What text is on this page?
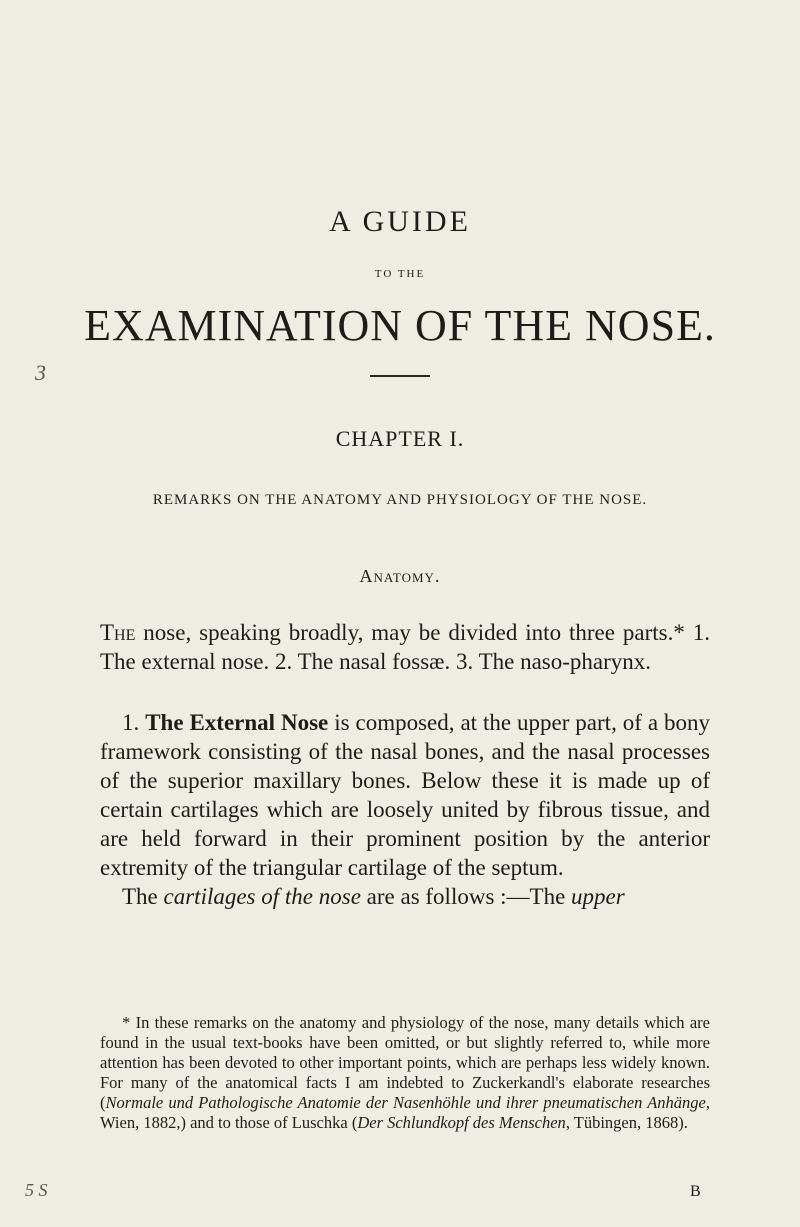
A GUIDE
TO THE
EXAMINATION OF THE NOSE.
3
CHAPTER I.
REMARKS ON THE ANATOMY AND PHYSIOLOGY OF THE NOSE.
Anatomy.
The nose, speaking broadly, may be divided into three parts.* 1. The external nose. 2. The nasal fossæ. 3. The naso-pharynx.
1. The External Nose is composed, at the upper part, of a bony framework consisting of the nasal bones, and the nasal processes of the superior maxillary bones. Below these it is made up of certain cartilages which are loosely united by fibrous tissue, and are held forward in their prominent position by the anterior extremity of the triangular cartilage of the septum.
The cartilages of the nose are as follows :—The upper
* In these remarks on the anatomy and physiology of the nose, many details which are found in the usual text-books have been omitted, or but slightly referred to, while more attention has been devoted to other important points, which are perhaps less widely known. For many of the anatomical facts I am indebted to Zuckerkandl's elaborate researches (Normale und Pathologische Anatomie der Nasenhöhle und ihrer pneumatischen Anhänge, Wien, 1882,) and to those of Luschka (Der Schlundkopf des Menschen, Tübingen, 1868).
5 S	B
